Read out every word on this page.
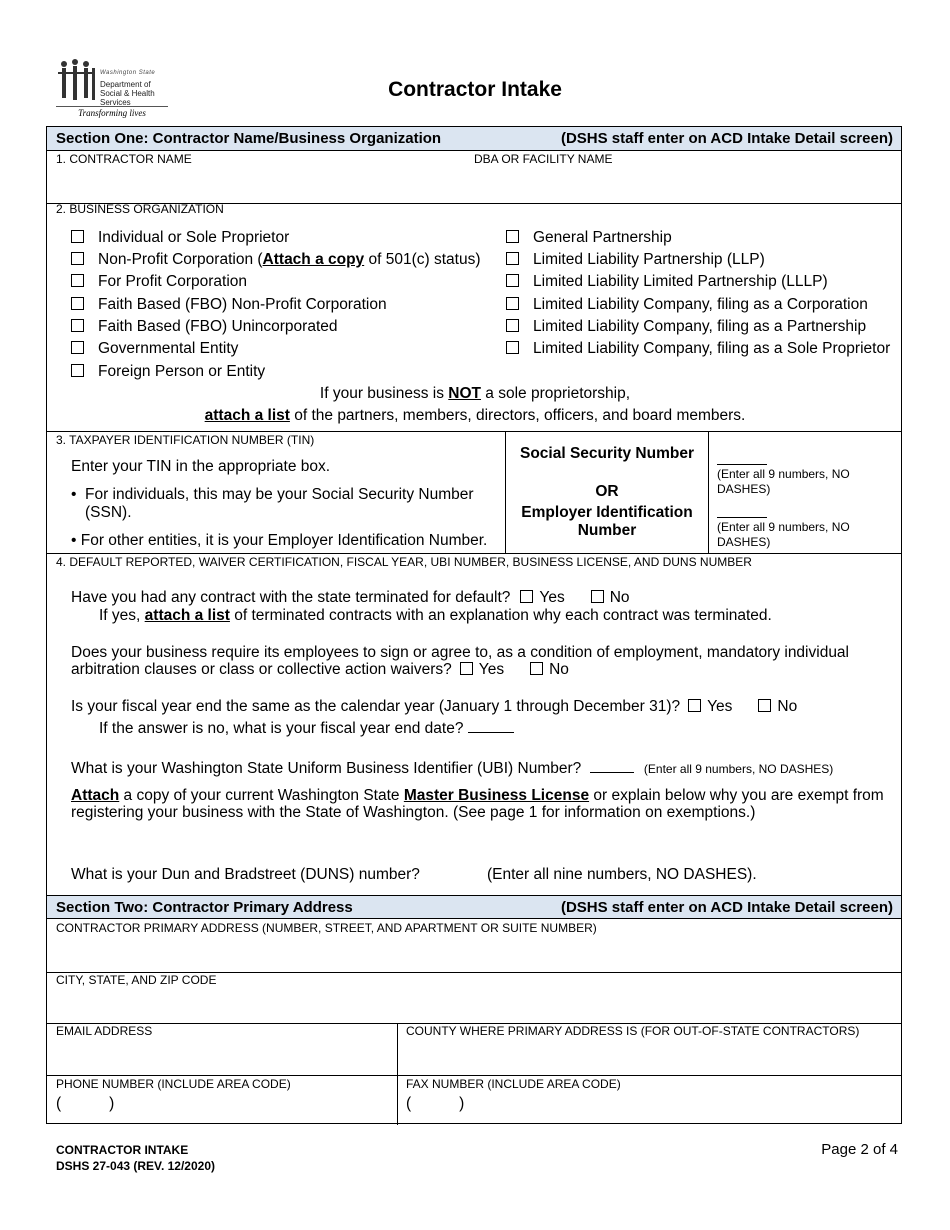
Washington State
Department of Social & Health Services
Transforming lives
Contractor Intake
Section One: Contractor Name/Business Organization	(DSHS staff enter on ACD Intake Detail screen)
1. CONTRACTOR NAME	DBA OR FACILITY NAME
2. BUSINESS ORGANIZATION
Individual or Sole Proprietor
Non-Profit Corporation (Attach a copy of 501(c) status)
For Profit Corporation
Faith Based (FBO) Non-Profit Corporation
Faith Based (FBO) Unincorporated
Governmental Entity
Foreign Person or Entity
General Partnership
Limited Liability Partnership (LLP)
Limited Liability Limited Partnership (LLLP)
Limited Liability Company, filing as a Corporation
Limited Liability Company, filing as a Partnership
Limited Liability Company, filing as a Sole Proprietor
If your business is NOT a sole proprietorship,
attach a list of the partners, members, directors, officers, and board members.
3. TAXPAYER IDENTIFICATION NUMBER (TIN)
Enter your TIN in the appropriate box.
• For individuals, this may be your Social Security Number (SSN).
• For other entities, it is your Employer Identification Number.
Social Security Number
OR
Employer Identification Number
(Enter all 9 numbers, NO DASHES)
(Enter all 9 numbers, NO DASHES)
4. DEFAULT REPORTED, WAIVER CERTIFICATION, FISCAL YEAR, UBI NUMBER, BUSINESS LICENSE, AND DUNS NUMBER
Have you had any contract with the state terminated for default? Yes	No
If yes, attach a list of terminated contracts with an explanation why each contract was terminated.
Does your business require its employees to sign or agree to, as a condition of employment, mandatory individual
arbitration clauses or class or collective action waivers? Yes	No
Is your fiscal year end the same as the calendar year (January 1 through December 31)? Yes	No
If the answer is no, what is your fiscal year end date?
What is your Washington State Uniform Business Identifier (UBI) Number?	(Enter all 9 numbers, NO DASHES)
Attach a copy of your current Washington State Master Business License or explain below why you are exempt from
registering your business with the State of Washington. (See page 1 for information on exemptions.)
What is your Dun and Bradstreet (DUNS) number?	(Enter all nine numbers, NO DASHES).
Section Two: Contractor Primary Address	(DSHS staff enter on ACD Intake Detail screen)
CONTRACTOR PRIMARY ADDRESS (NUMBER, STREET, AND APARTMENT OR SUITE NUMBER)
CITY, STATE, AND ZIP CODE
EMAIL ADDRESS	COUNTY WHERE PRIMARY ADDRESS IS (FOR OUT-OF-STATE CONTRACTORS)
PHONE NUMBER (INCLUDE AREA CODE)	FAX NUMBER (INCLUDE AREA CODE)
(	)	(	)
CONTRACTOR INTAKE
DSHS 27-043 (REV. 12/2020)
Page 2 of 4
